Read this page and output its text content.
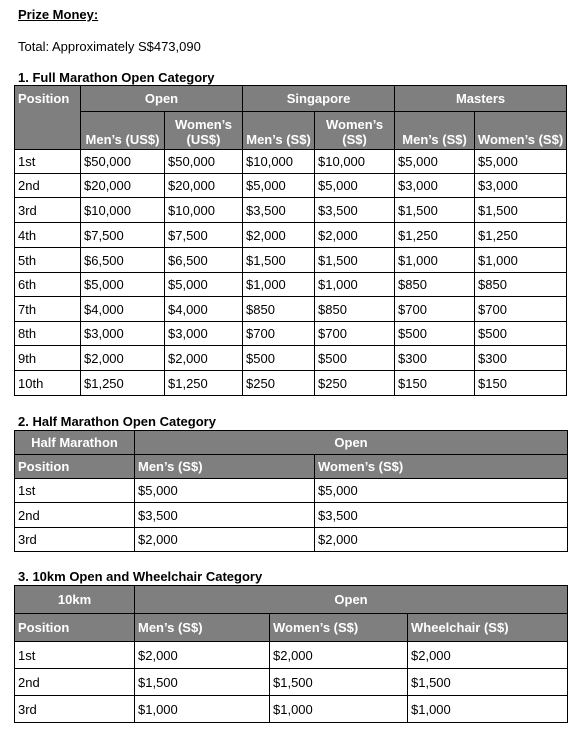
Prize Money:
Total: Approximately S$473,090
1. Full Marathon Open Category
Position	Open		Singapore		Masters	
	Men’s (US$)	Women’s (US$)	Men’s (S$)	Women’s (S$)	Men’s (S$)	Women’s (S$)
1st	$50,000	$50,000	$10,000	$10,000	$5,000	$5,000
2nd	$20,000	$20,000	$5,000	$5,000	$3,000	$3,000
3rd	$10,000	$10,000	$3,500	$3,500	$1,500	$1,500
4th	$7,500	$7,500	$2,000	$2,000	$1,250	$1,250
5th	$6,500	$6,500	$1,500	$1,500	$1,000	$1,000
6th	$5,000	$5,000	$1,000	$1,000	$850	$850
7th	$4,000	$4,000	$850	$850	$700	$700
8th	$3,000	$3,000	$700	$700	$500	$500
9th	$2,000	$2,000	$500	$500	$300	$300
10th	$1,250	$1,250	$250	$250	$150	$150
2. Half Marathon Open Category
Half Marathon	Open	
Position	Men’s (S$)	Women’s (S$)
1st	$5,000	$5,000
2nd	$3,500	$3,500
3rd	$2,000	$2,000
3. 10km Open and Wheelchair Category
10km	Open		
Position	Men’s (S$)	Women’s (S$)	Wheelchair (S$)
1st	$2,000	$2,000	$2,000
2nd	$1,500	$1,500	$1,500
3rd	$1,000	$1,000	$1,000
